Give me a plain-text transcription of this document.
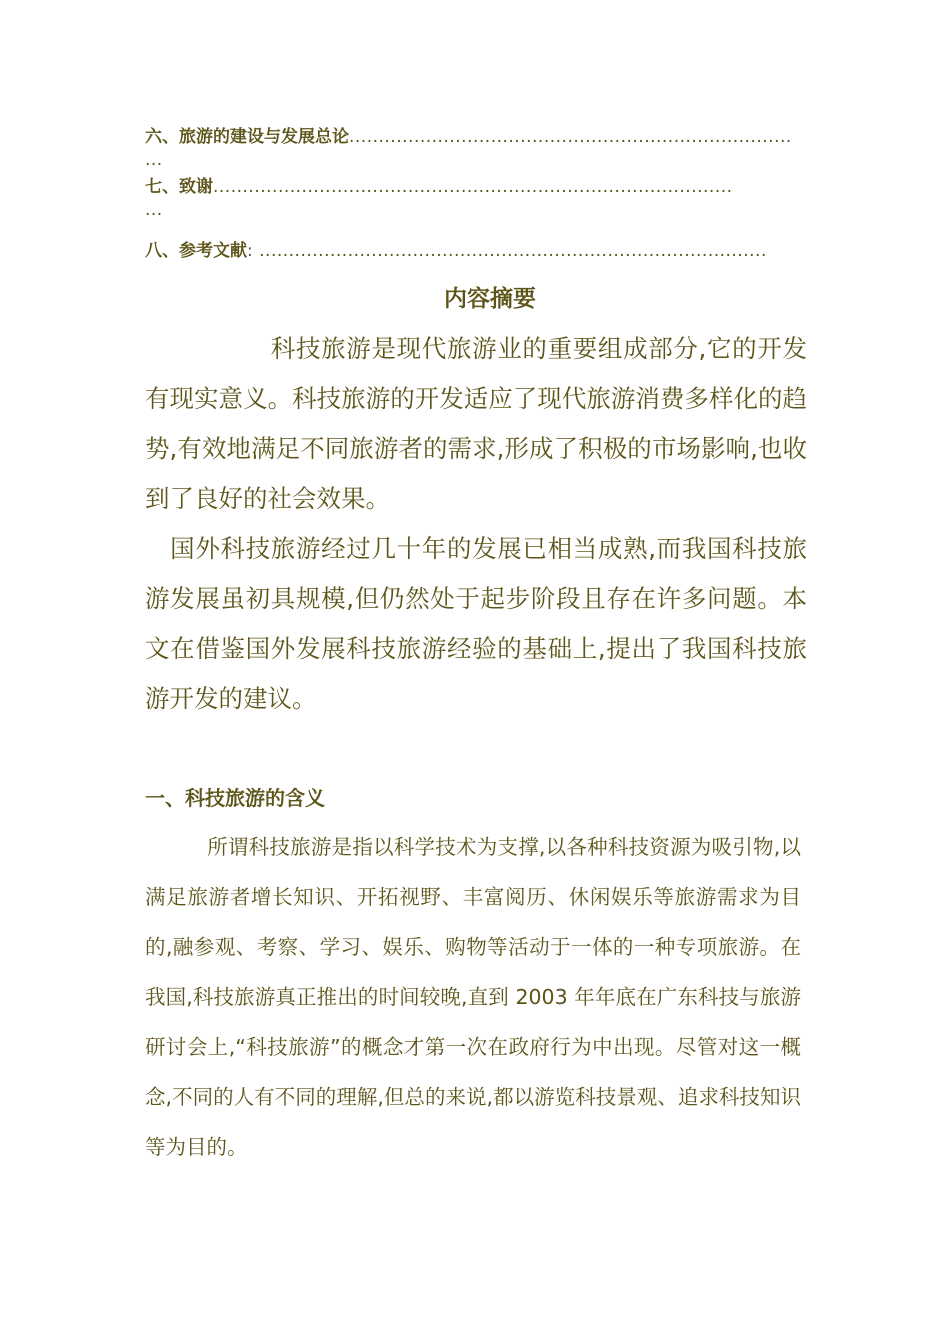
六、旅游的建设与发展总论...........................................................................
...
七、致谢........................................................................................
...
八、参考文献: ......................................................................................
内容摘要
　　　　　科技旅游是现代旅游业的重要组成部分,它的开发有现实意义。科技旅游的开发适应了现代旅游消费多样化的趋势,有效地满足不同旅游者的需求,形成了积极的市场影响,也收到了良好的社会效果。
　国外科技旅游经过几十年的发展已相当成熟,而我国科技旅游发展虽初具规模,但仍然处于起步阶段且存在许多问题。本文在借鉴国外发展科技旅游经验的基础上,提出了我国科技旅游开发的建议。
一、科技旅游的含义
　　　所谓科技旅游是指以科学技术为支撑,以各种科技资源为吸引物,以满足旅游者增长知识、开拓视野、丰富阅历、休闲娱乐等旅游需求为目的,融参观、考察、学习、娱乐、购物等活动于一体的一种专项旅游。在我国,科技旅游真正推出的时间较晚,直到 2003 年年底在广东科技与旅游研讨会上,“科技旅游”的概念才第一次在政府行为中出现。尽管对这一概念,不同的人有不同的理解,但总的来说,都以游览科技景观、追求科技知识等为目的。
